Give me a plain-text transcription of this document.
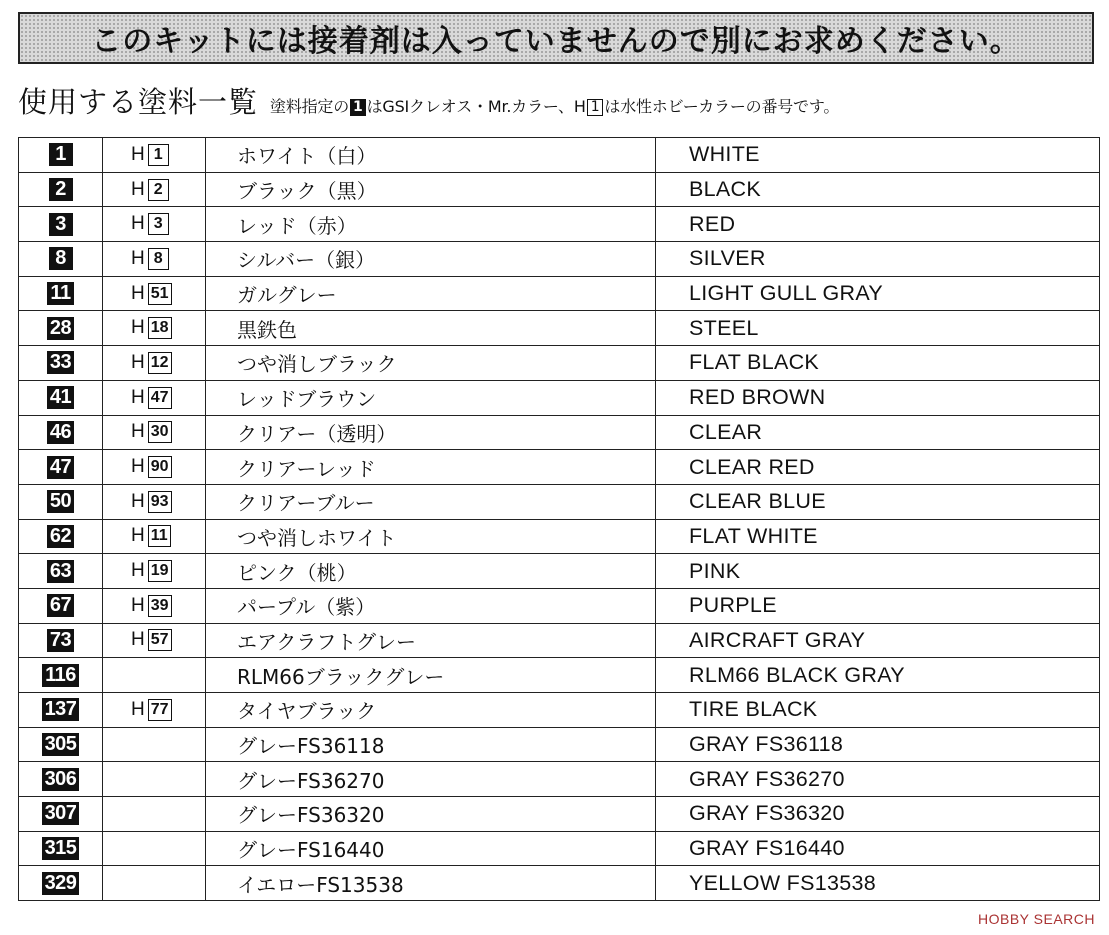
このキットには接着剤は入っていませんので別にお求めください。
使用する塗料一覧 塗料指定の 1 はGSIクレオス・Mr.カラー、H 1 は水性ホビーカラーの番号です。
1	H 1	ホワイト（白）	WHITE
2	H 2	ブラック（黒）	BLACK
3	H 3	レッド（赤）	RED
8	H 8	シルバー（銀）	SILVER
11	H 51	ガルグレー	LIGHT GULL GRAY
28	H 18	黒鉄色	STEEL
33	H 12	つや消しブラック	FLAT BLACK
41	H 47	レッドブラウン	RED BROWN
46	H 30	クリアー（透明）	CLEAR
47	H 90	クリアーレッド	CLEAR RED
50	H 93	クリアーブルー	CLEAR BLUE
62	H 11	つや消しホワイト	FLAT WHITE
63	H 19	ピンク（桃）	PINK
67	H 39	パープル（紫）	PURPLE
73	H 57	エアクラフトグレー	AIRCRAFT GRAY
116		RLM66ブラックグレー	RLM66 BLACK GRAY
137	H 77	タイヤブラック	TIRE BLACK
305		グレーFS36118	GRAY FS36118
306		グレーFS36270	GRAY FS36270
307		グレーFS36320	GRAY FS36320
315		グレーFS16440	GRAY FS16440
329		イエローFS13538	YELLOW FS13538
HOBBY SEARCH
